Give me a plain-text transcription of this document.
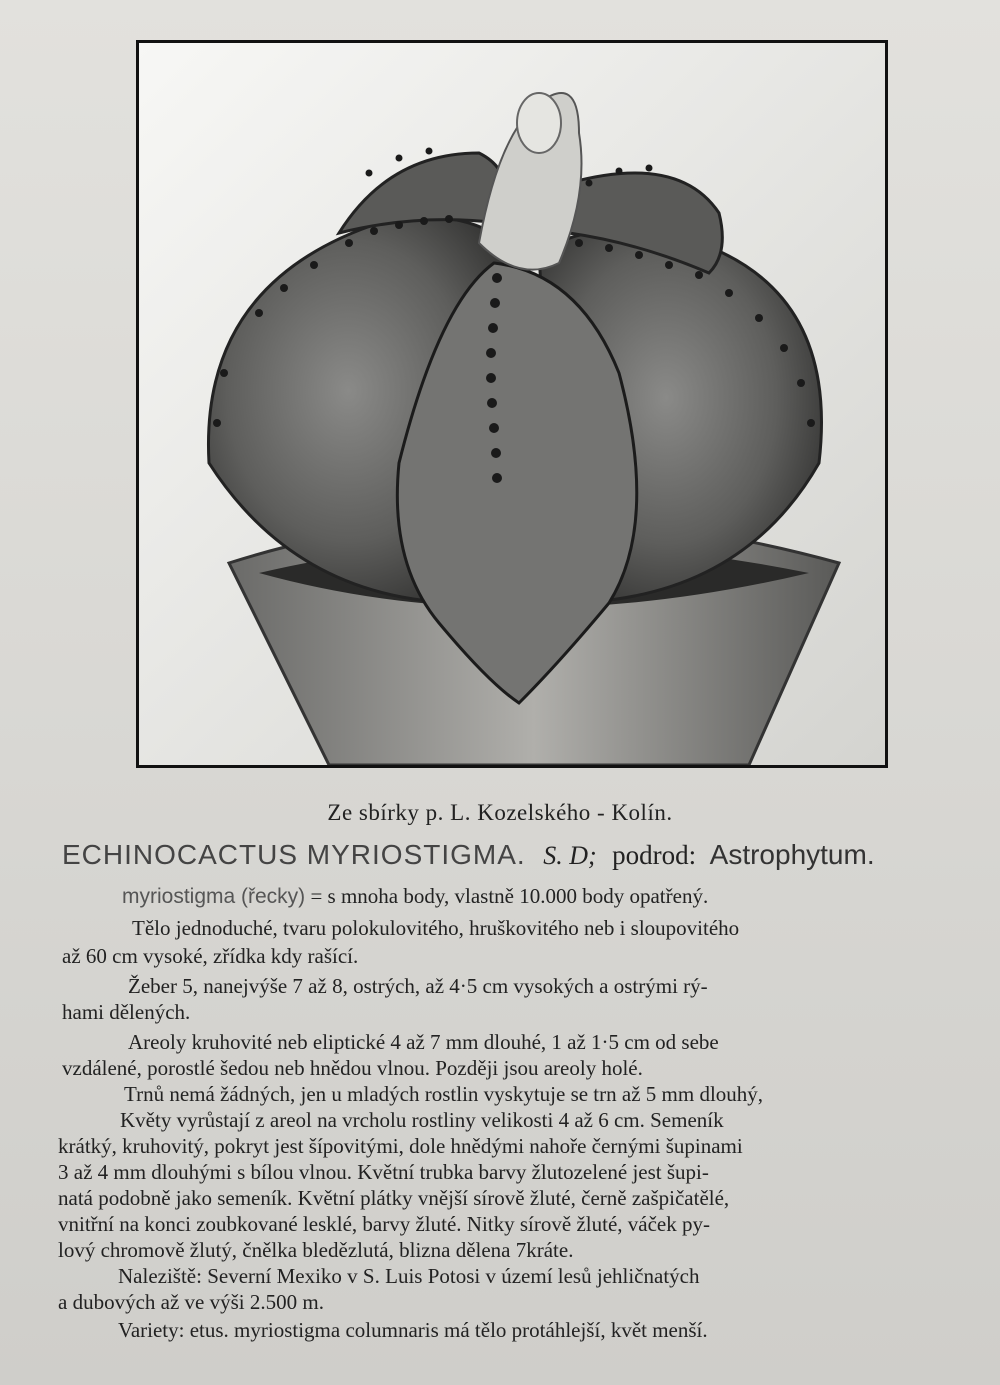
Ze sbírky p. L. Kozelského - Kolín.
ECHINOCACTUS MYRIOSTIGMA. S. D; podrod: Astrophytum.
myriostigma (řecky) = s mnoha body, vlastně 10.000 body opatřený.
Tělo jednoduché, tvaru polokulovitého, hruškovitého neb i sloupovitého
až 60 cm vysoké, zřídka kdy rašící.
Žeber 5, nanejvýše 7 až 8, ostrých, až 4·5 cm vysokých a ostrými rý-
hami dělených.
Areoly kruhovité neb eliptické 4 až 7 mm dlouhé, 1 až 1·5 cm od sebe
vzdálené, porostlé šedou neb hnědou vlnou. Později jsou areoly holé.
Trnů nemá žádných, jen u mladých rostlin vyskytuje se trn až 5 mm dlouhý,
Květy vyrůstají z areol na vrcholu rostliny velikosti 4 až 6 cm. Semeník
krátký, kruhovitý, pokryt jest šípovitými, dole hnědými nahoře černými šupinami
3 až 4 mm dlouhými s bílou vlnou. Květní trubka barvy žlutozelené jest šupi-
natá podobně jako semeník. Květní plátky vnější sírově žluté, černě zašpičatělé,
vnitřní na konci zoubkované lesklé, barvy žluté. Nitky sírově žluté, váček py-
lový chromově žlutý, čnělka bledězlutá, blizna dělena 7kráte.
Naleziště: Severní Mexiko v S. Luis Potosi v území lesů jehličnatých
a dubových až ve výši 2.500 m.
Variety: etus. myriostigma columnaris má tělo protáhlejší, květ menší.
